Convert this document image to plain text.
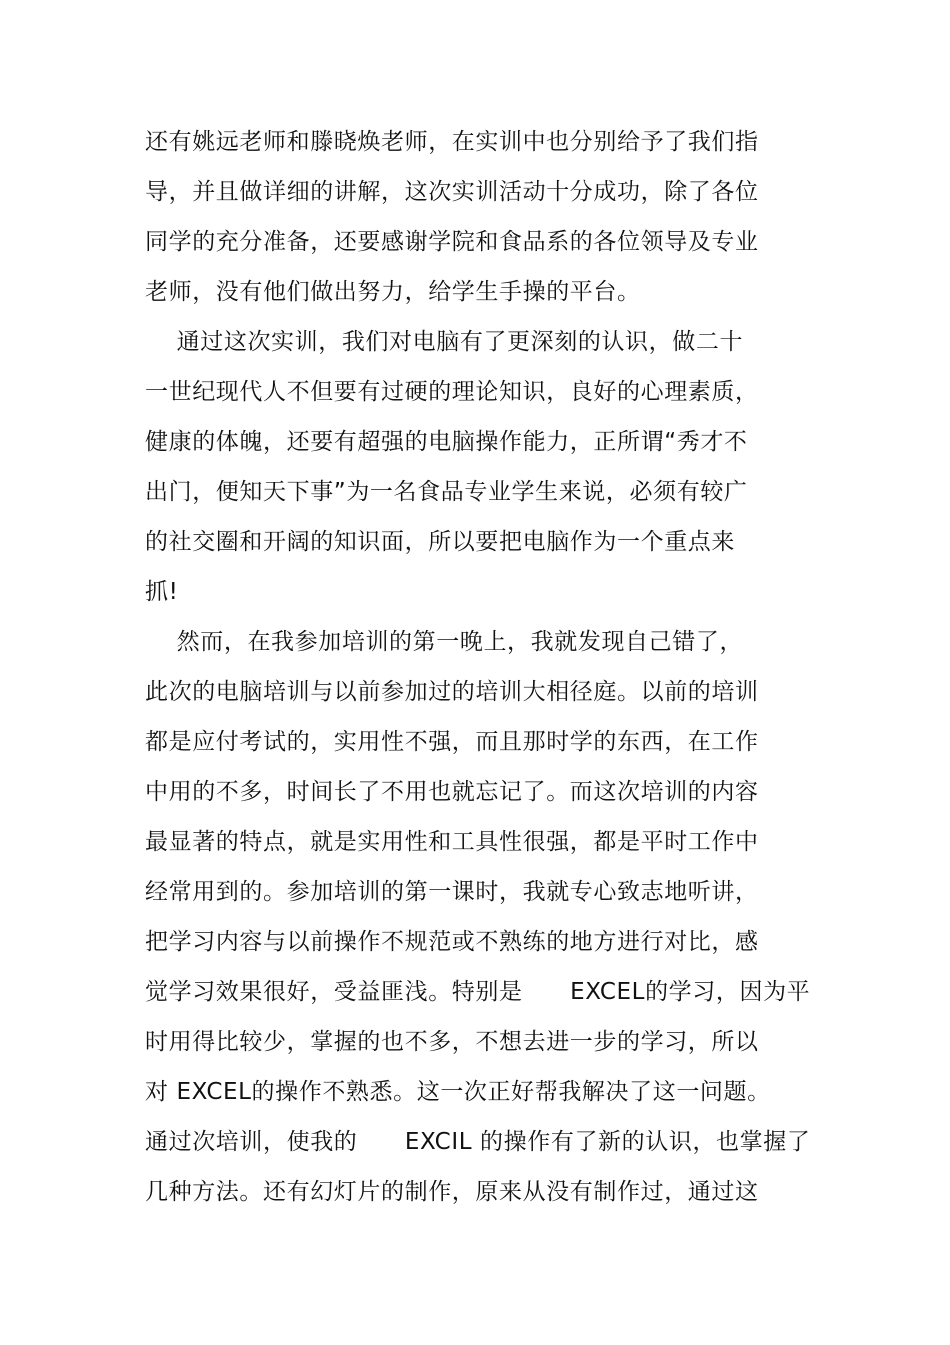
还有姚远老师和滕晓焕老师，在实训中也分别给予了我们指
导，并且做详细的讲解，这次实训活动十分成功，除了各位
同学的充分准备，还要感谢学院和食品系的各位领导及专业
老师，没有他们做出努力，给学生手操的平台。
通过这次实训，我们对电脑有了更深刻的认识，做二十
一世纪现代人不但要有过硬的理论知识，良好的心理素质，
健康的体魄，还要有超强的电脑操作能力，正所谓“秀才不
出门，便知天下事”为一名食品专业学生来说，必须有较广
的社交圈和开阔的知识面，所以要把电脑作为一个重点来
抓!
然而，在我参加培训的第一晚上，我就发现自己错了，
此次的电脑培训与以前参加过的培训大相径庭。以前的培训
都是应付考试的，实用性不强，而且那时学的东西，在工作
中用的不多，时间长了不用也就忘记了。而这次培训的内容
最显著的特点，就是实用性和工具性很强，都是平时工作中
经常用到的。参加培训的第一课时，我就专心致志地听讲，
把学习内容与以前操作不规范或不熟练的地方进行对比，感
觉学习效果很好，受益匪浅。特别是      EXCEL的学习，因为平
时用得比较少，掌握的也不多，不想去进一步的学习，所以
对 EXCEL的操作不熟悉。这一次正好帮我解决了这一问题。
通过次培训，使我的      EXCIL 的操作有了新的认识，也掌握了
几种方法。还有幻灯片的制作，原来从没有制作过，通过这
